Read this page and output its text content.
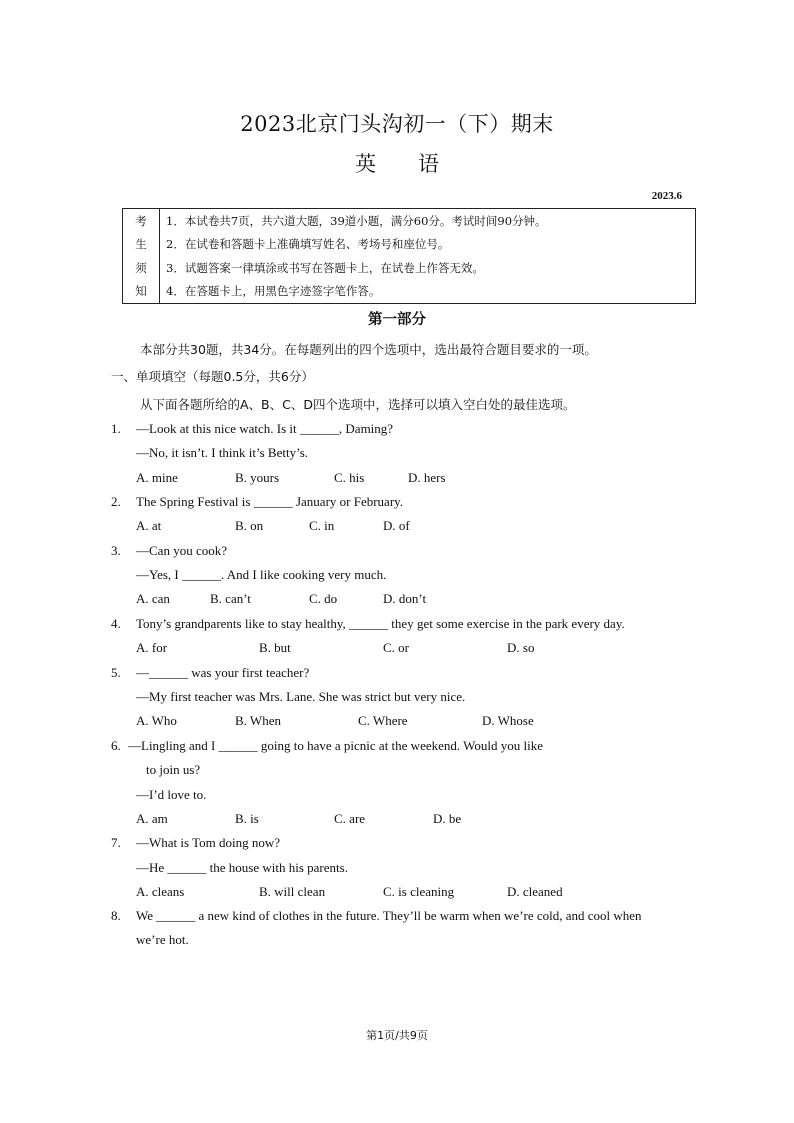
2023北京门头沟初一（下）期末
英　　语
2023.6
考	1．本试卷共7页，共六道大题，39道小题，满分60分。考试时间90分钟。
生	2．在试卷和答题卡上准确填写姓名、考场号和座位号。
须	3．试题答案一律填涂或书写在答题卡上，在试卷上作答无效。
知	4．在答题卡上，用黑色字迹签字笔作答。
第一部分
本部分共30题，共34分。在每题列出的四个选项中，选出最符合题目要求的一项。
一、单项填空（每题0.5分，共6分）
从下面各题所给的A、B、C、D四个选项中，选择可以填入空白处的最佳选项。
1. —Look at this nice watch. Is it ______, Daming?
—No, it isn’t. I think it’s Betty’s.
A. mine	B. yours	C. his	D. hers
2. The Spring Festival is ______ January or February.
A. at	B. on	C. in	D. of
3. —Can you cook?
—Yes, I ______. And I like cooking very much.
A. can	B. can’t	C. do	D. don’t
4. Tony’s grandparents like to stay healthy, ______ they get some exercise in the park every day.
A. for	B. but	C. or	D. so
5. —______ was your first teacher?
—My first teacher was Mrs. Lane. She was strict but very nice.
A. Who	B. When	C. Where	D. Whose
6. —Lingling and I ______ going to have a picnic at the weekend. Would you like
to join us?
—I’d love to.
A. am	B. is	C. are	D. be
7. —What is Tom doing now?
—He ______ the house with his parents.
A. cleans	B. will clean	C. is cleaning	D. cleaned
8. We ______ a new kind of clothes in the future. They’ll be warm when we’re cold, and cool when
we’re hot.
第1页/共9页
